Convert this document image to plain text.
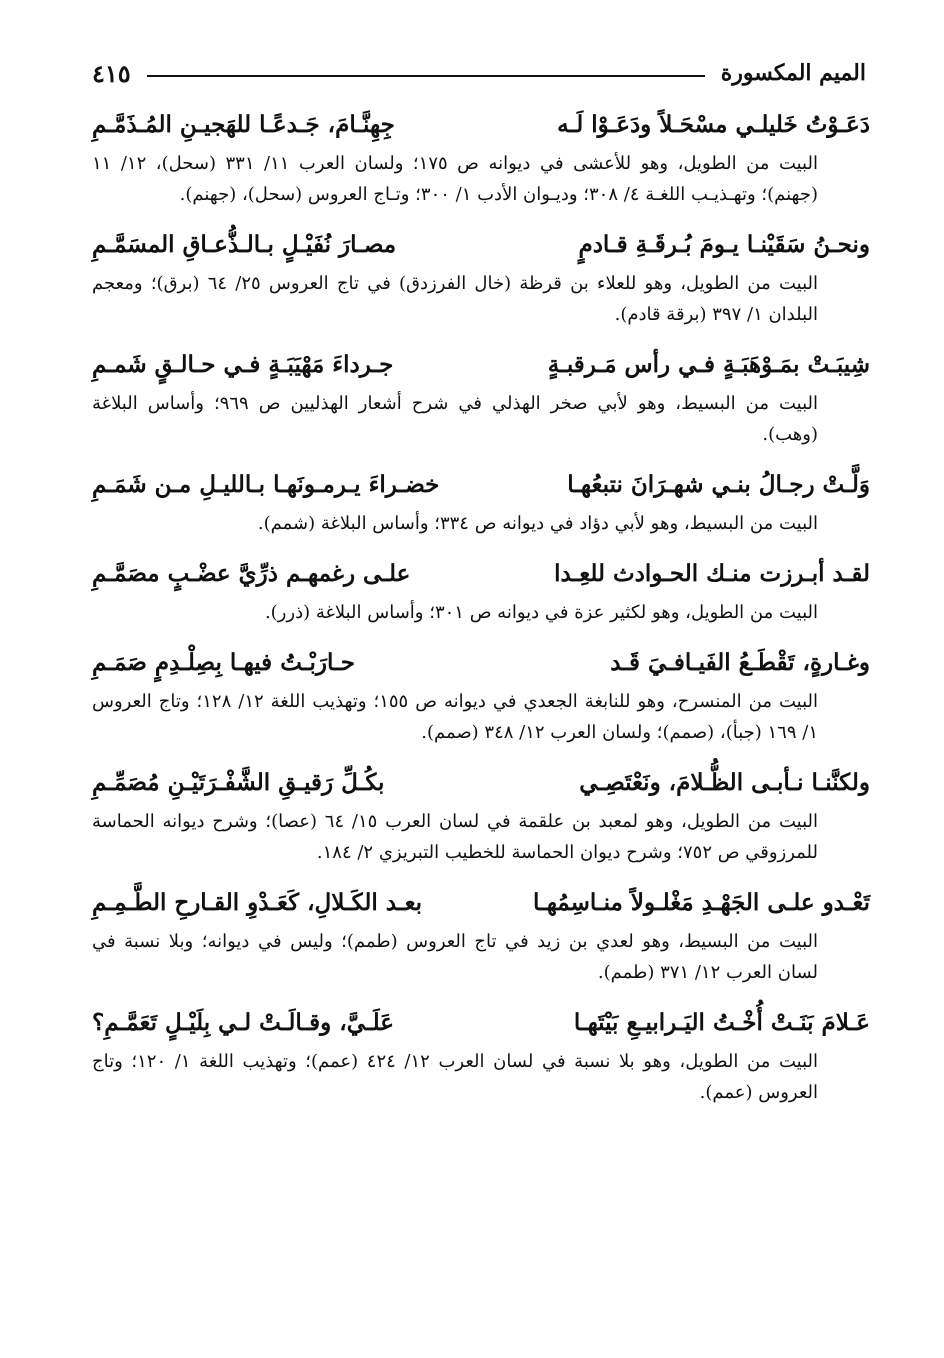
الميم المكسورة
٤١٥
دَعَـوْتُ خَليلـي مسْحَـلاً ودَعَـوْا لَـه
جِهِنَّـامَ، جَـدعًـا للهَجيـنِ المُـذَمَّـمِ
البيت من الطويل، وهو للأعشى في ديوانه ص ١٧٥؛ ولسان العرب ١١/ ٣٣١ (سحل)، ١٢/ ١١ (جهنم)؛ وتهـذيـب اللغـة ٤/ ٣٠٨؛ وديـوان الأدب ١/ ٣٠٠؛ وتـاج العروس (سحل)، (جهنم).
ونحـنُ سَقَيْنـا يـومَ بُـرقَـةِ قـادمٍ
مصـارَ نُفَيْـلٍ بـالـذُّعـاقِ المسَمَّـمِ
البيت من الطويل، وهو للعلاء بن قرظة (خال الفرزدق) في تاج العروس ٢٥/ ٦٤ (برق)؛ ومعجم البلدان ١/ ٣٩٧ (برقة قادم).
شِيبَـتْ بمَـوْهَبَـةٍ فـي رأس مَـرقبـةٍ
جـرداءَ مَهْيَبَـةٍ فـي حـالـقٍ شَمـمِ
البيت من البسيط، وهو لأبي صخر الهذلي في شرح أشعار الهذليين ص ٩٦٩؛ وأساس البلاغة (وهب).
وَلَّـتْ رجـالُ بنـي شهـرَانَ نتبعُهـا
خضـراءَ يـرمـونَهـا بـالليـلِ مـن شَمَـمِ
البيت من البسيط، وهو لأبي دؤاد في ديوانه ص ٣٣٤؛ وأساس البلاغة (شمم).
لقـد أبـرزت منـك الحـوادث للعِـدا
علـى رغمهـم ذرِّيَّ عضْـبٍ مصَمَّـمِ
البيت من الطويل، وهو لكثير عزة في ديوانه ص ٣٠١؛ وأساس البلاغة (ذرر).
وغـارةٍ، تَقْطَـعُ الفَيـافـيَ قَـد
حـارَبْـتُ فيهـا بِصِلْـدِمٍ صَمَـمِ
البيت من المنسرح، وهو للنابغة الجعدي في ديوانه ص ١٥٥؛ وتهذيب اللغة ١٢/ ١٢٨؛ وتاج العروس ١/ ١٦٩ (جبأ)، (صمم)؛ ولسان العرب ١٢/ ٣٤٨ (صمم).
ولكنَّنـا نـأبـى الظُّـلامَ، ونَعْتَصِـي
بكُـلِّ رَقيـقِ الشَّفْـرَتَيْـنِ مُصَمِّـمِ
البيت من الطويل، وهو لمعبد بن علقمة في لسان العرب ١٥/ ٦٤ (عصا)؛ وشرح ديوانه الحماسة للمرزوقي ص ٧٥٢؛ وشرح ديوان الحماسة للخطيب التبريزي ٢/ ١٨٤.
تَعْـدو علـى الجَهْـدِ مَغْلـولاً منـاسِمُهـا
بعـد الكَـلالِ، كَعَـدْوِ القـارحِ الطَّـمِـمِ
البيت من البسيط، وهو لعدي بن زيد في تاج العروس (طمم)؛ وليس في ديوانه؛ وبلا نسبة في لسان العرب ١٢/ ٣٧١ (طمم).
عَـلامَ بَنَـتْ أُخْـتُ اليَـرابيـعِ بَيْتَهـا
عَلَـيَّ، وقـالَـتْ لـي بِلَيْـلٍ تَعَمَّـمِ؟
البيت من الطويل، وهو بلا نسبة في لسان العرب ١٢/ ٤٢٤ (عمم)؛ وتهذيب اللغة ١/ ١٢٠؛ وتاج العروس (عمم).
